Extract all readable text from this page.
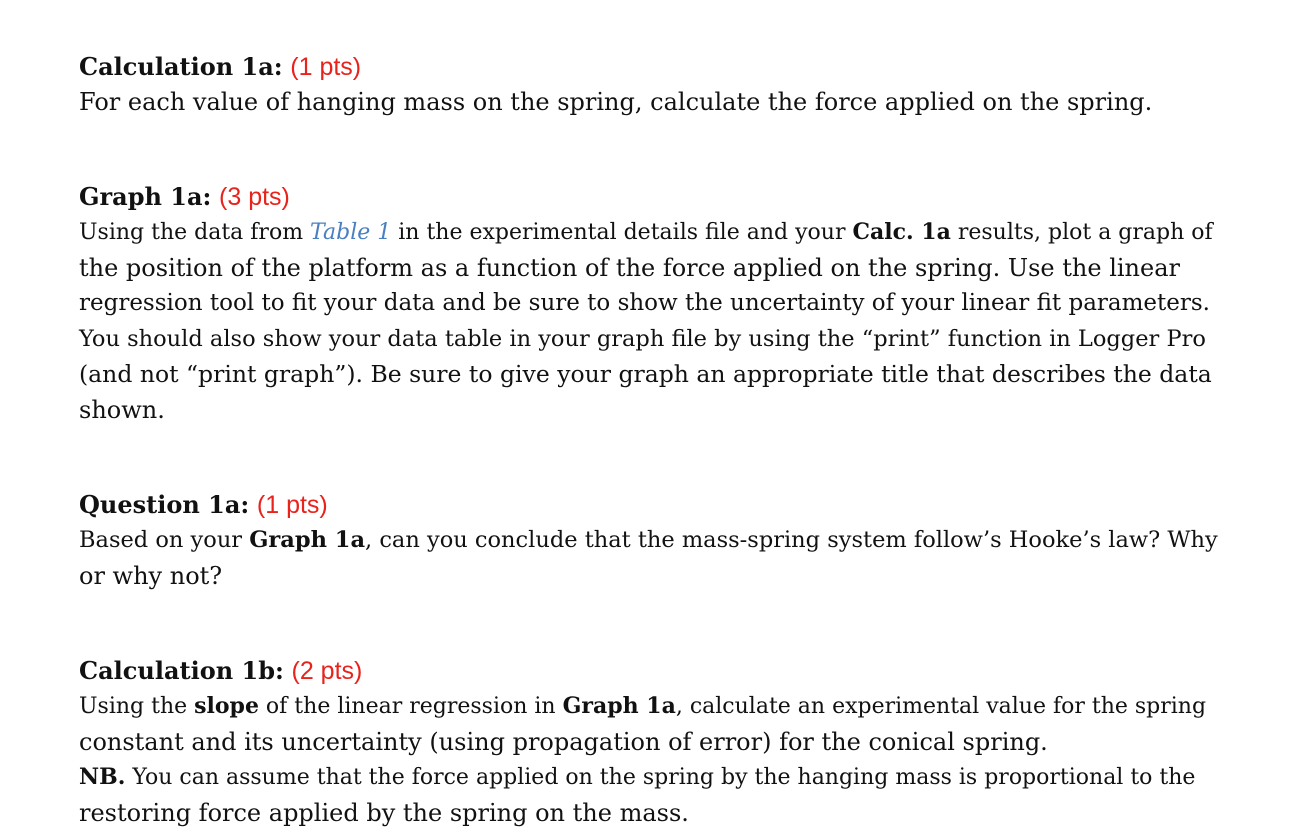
Calculation 1a: (1 pts)
For each value of hanging mass on the spring, calculate the force applied on the spring.
Graph 1a: (3 pts)
Using the data from Table 1 in the experimental details file and your Calc. 1a results, plot a graph of
the position of the platform as a function of the force applied on the spring. Use the linear
regression tool to fit your data and be sure to show the uncertainty of your linear fit parameters.
You should also show your data table in your graph file by using the “print” function in Logger Pro
(and not “print graph”). Be sure to give your graph an appropriate title that describes the data
shown.
Question 1a: (1 pts)
Based on your Graph 1a, can you conclude that the mass-spring system follow’s Hooke’s law? Why
or why not?
Calculation 1b: (2 pts)
Using the slope of the linear regression in Graph 1a, calculate an experimental value for the spring
constant and its uncertainty (using propagation of error) for the conical spring.
NB. You can assume that the force applied on the spring by the hanging mass is proportional to the
restoring force applied by the spring on the mass.
